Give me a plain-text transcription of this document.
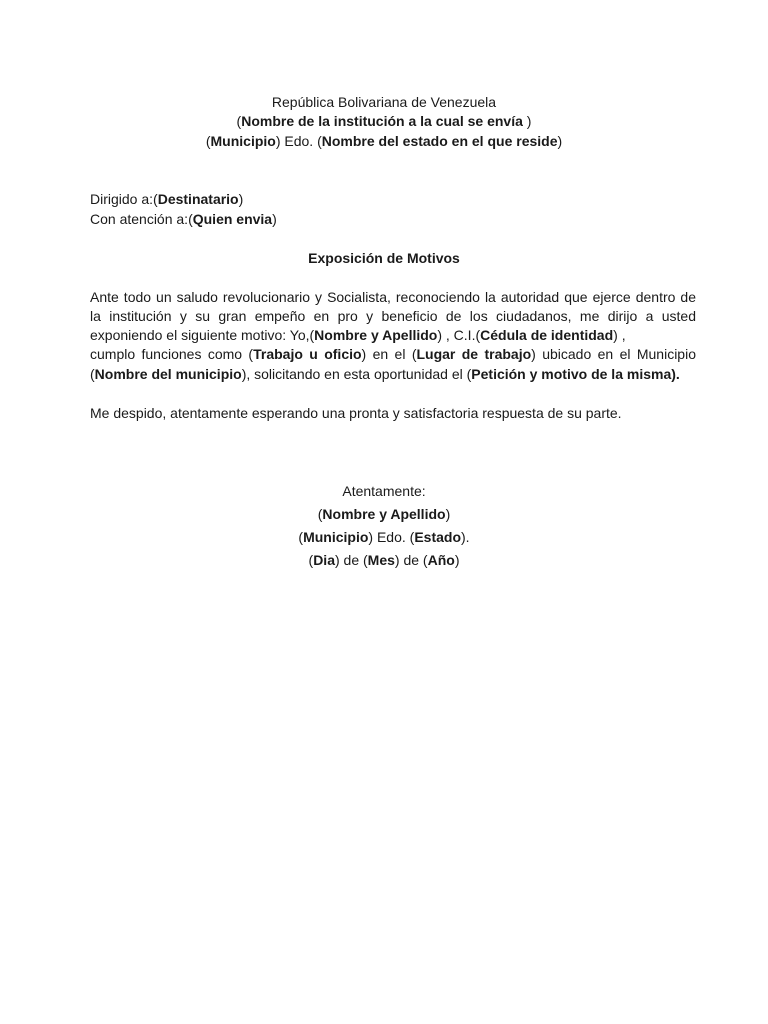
República Bolivariana de Venezuela
(Nombre de la institución a la cual se envía )
(Municipio) Edo. (Nombre del estado en el que reside)
Dirigido a:(Destinatario)
Con atención a:(Quien envia)
Exposición de Motivos
Ante todo un saludo revolucionario y Socialista, reconociendo la autoridad que ejerce dentro de
la institución y su gran empeño en pro y beneficio de los ciudadanos, me dirijo a usted
exponiendo el siguiente motivo: Yo,(Nombre y Apellido) , C.I.(Cédula de identidad) ,
cumplo funciones como (Trabajo u oficio) en el (Lugar de trabajo) ubicado en el Municipio
(Nombre del municipio), solicitando en esta oportunidad el (Petición y motivo de la misma).
Me despido, atentamente esperando una pronta y satisfactoria respuesta de su parte.
Atentamente:
(Nombre y Apellido)
(Municipio) Edo. (Estado).
(Dia) de (Mes) de (Año)
